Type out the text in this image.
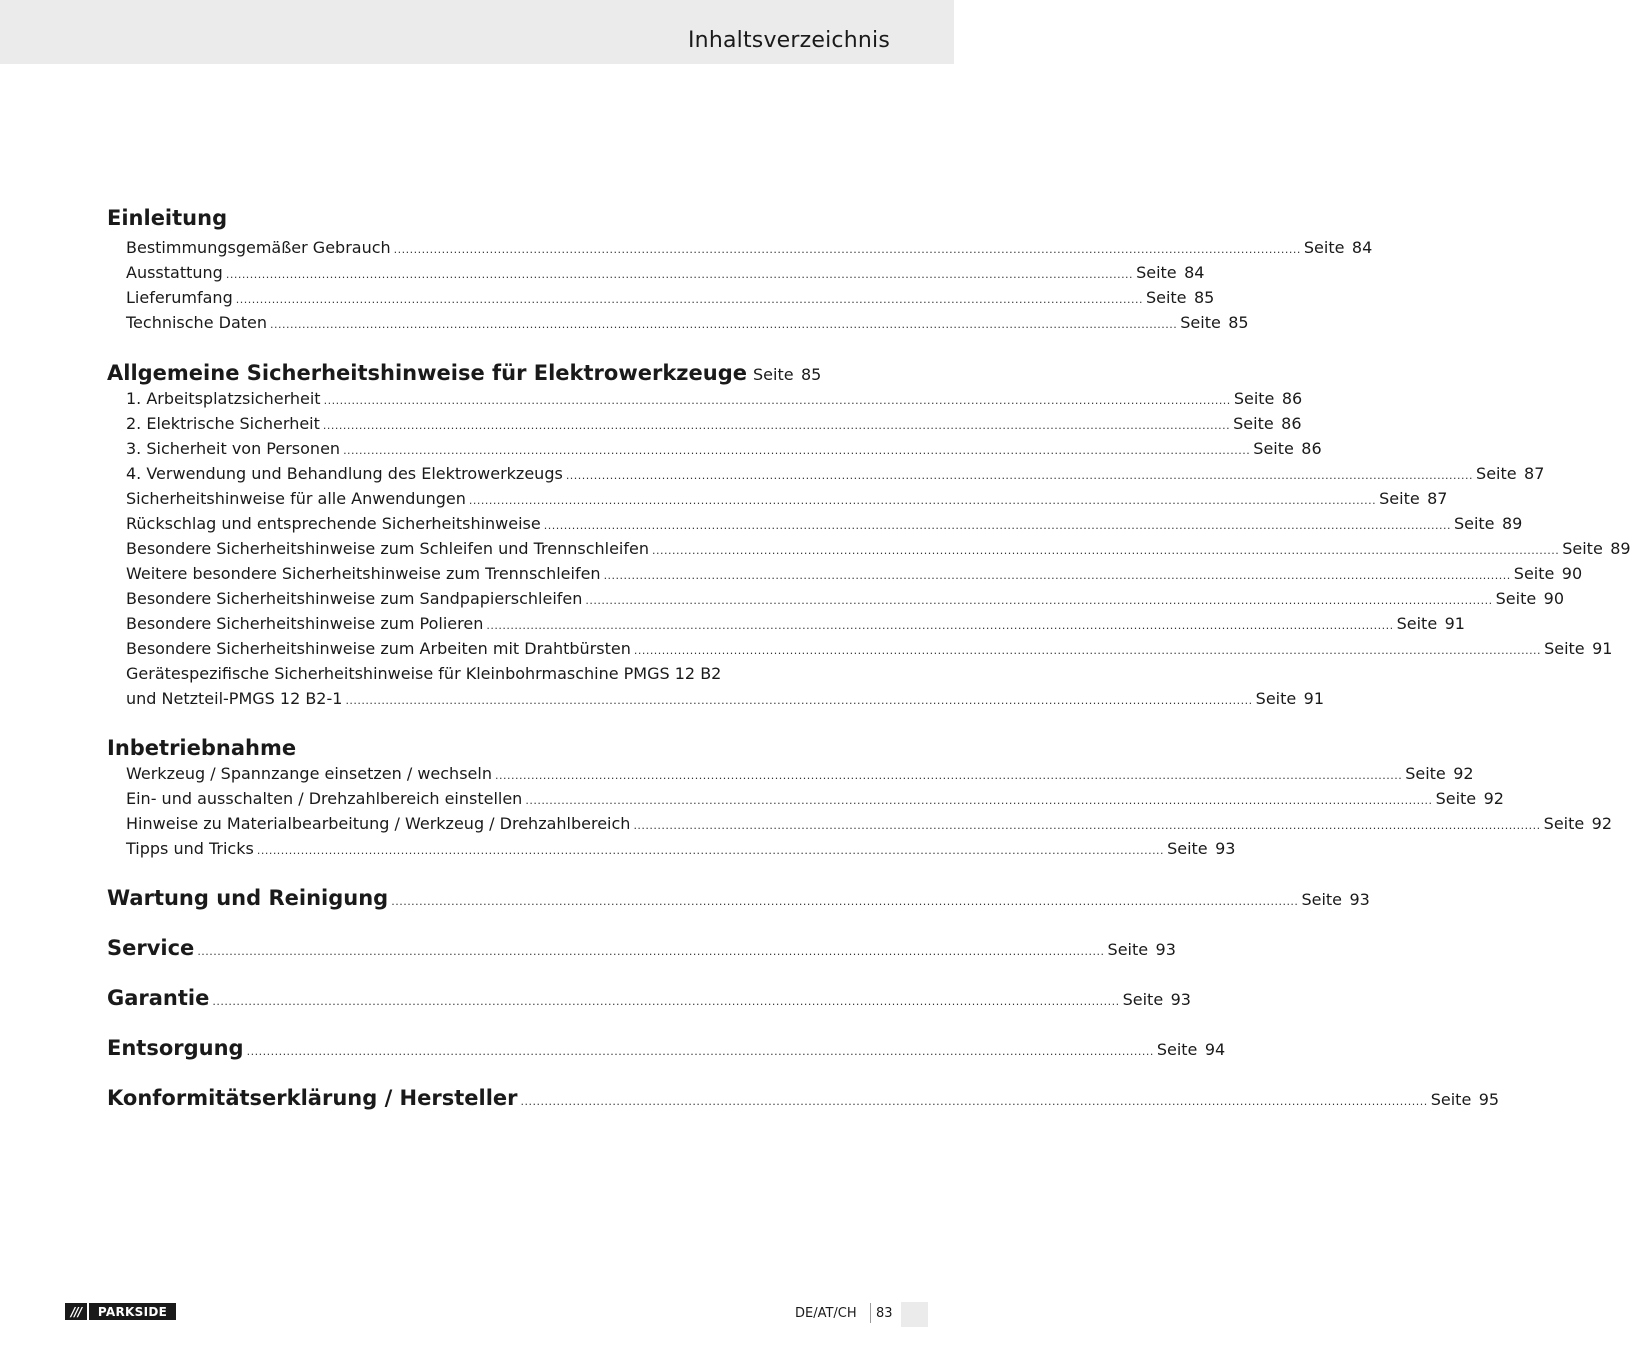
Inhaltsverzeichnis
Einleitung
Bestimmungsgemäßer Gebrauch ................................................................................................................................................................................................................................... Seite 84
Ausstattung ................................................................................................................................................................................................................................... Seite 84
Lieferumfang ................................................................................................................................................................................................................................... Seite 85
Technische Daten ................................................................................................................................................................................................................................... Seite 85
Allgemeine Sicherheitshinweise für Elektrowerkzeuge Seite 85
1. Arbeitsplatzsicherheit ................................................................................................................................................................................................................................... Seite 86
2. Elektrische Sicherheit ................................................................................................................................................................................................................................... Seite 86
3. Sicherheit von Personen ................................................................................................................................................................................................................................... Seite 86
4. Verwendung und Behandlung des Elektrowerkzeugs ................................................................................................................................................................................................................................... Seite 87
Sicherheitshinweise für alle Anwendungen ................................................................................................................................................................................................................................... Seite 87
Rückschlag und entsprechende Sicherheitshinweise ................................................................................................................................................................................................................................... Seite 89
Besondere Sicherheitshinweise zum Schleifen und Trennschleifen ................................................................................................................................................................................................................................... Seite 89
Weitere besondere Sicherheitshinweise zum Trennschleifen ................................................................................................................................................................................................................................... Seite 90
Besondere Sicherheitshinweise zum Sandpapierschleifen ................................................................................................................................................................................................................................... Seite 90
Besondere Sicherheitshinweise zum Polieren ................................................................................................................................................................................................................................... Seite 91
Besondere Sicherheitshinweise zum Arbeiten mit Drahtbürsten ................................................................................................................................................................................................................................... Seite 91
Gerätespezifische Sicherheitshinweise für Kleinbohrmaschine PMGS 12 B2
und Netzteil-PMGS 12 B2-1 ................................................................................................................................................................................................................................... Seite 91
Inbetriebnahme
Werkzeug / Spannzange einsetzen / wechseln ................................................................................................................................................................................................................................... Seite 92
Ein- und ausschalten / Drehzahlbereich einstellen ................................................................................................................................................................................................................................... Seite 92
Hinweise zu Materialbearbeitung / Werkzeug / Drehzahlbereich ................................................................................................................................................................................................................................... Seite 92
Tipps und Tricks ................................................................................................................................................................................................................................... Seite 93
Wartung und Reinigung ................................................................................................................................................................................................................................... Seite 93
Service ................................................................................................................................................................................................................................... Seite 93
Garantie ................................................................................................................................................................................................................................... Seite 93
Entsorgung ................................................................................................................................................................................................................................... Seite 94
Konformitätserklärung / Hersteller ................................................................................................................................................................................................................................... Seite 95
///	PARKSIDE	DE/AT/CH 83
